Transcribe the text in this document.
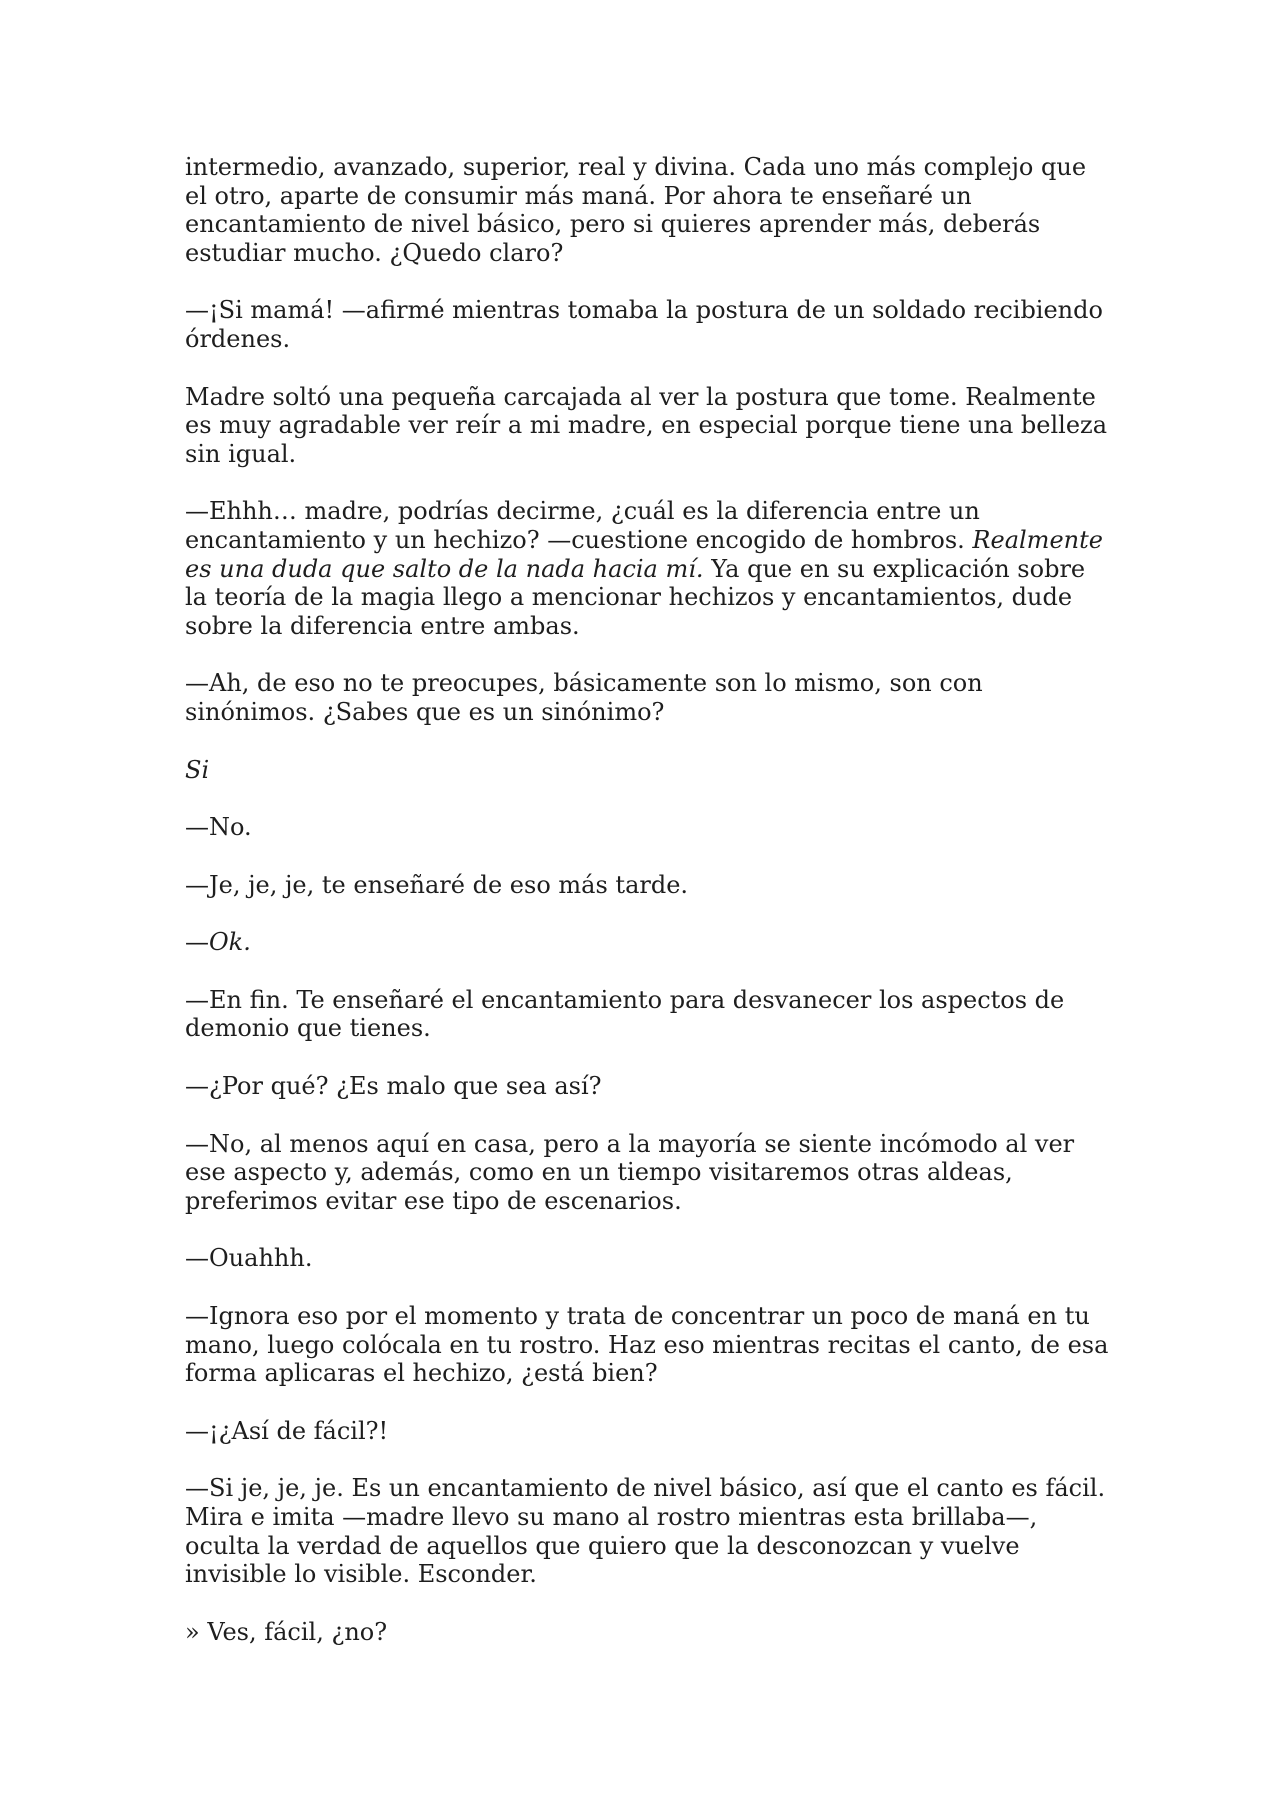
intermedio, avanzado, superior, real y divina. Cada uno más complejo que el otro, aparte de consumir más maná. Por ahora te enseñaré un encantamiento de nivel básico, pero si quieres aprender más, deberás estudiar mucho. ¿Quedo claro?

—¡Si mamá! —afirmé mientras tomaba la postura de un soldado recibiendo órdenes.

Madre soltó una pequeña carcajada al ver la postura que tome. Realmente es muy agradable ver reír a mi madre, en especial porque tiene una belleza sin igual.

—Ehhh… madre, podrías decirme, ¿cuál es la diferencia entre un encantamiento y un hechizo? —cuestione encogido de hombros. Realmente es una duda que salto de la nada hacia mí. Ya que en su explicación sobre la teoría de la magia llego a mencionar hechizos y encantamientos, dude sobre la diferencia entre ambas.

—Ah, de eso no te preocupes, básicamente son lo mismo, son con sinónimos. ¿Sabes que es un sinónimo?

Si

—No.

—Je, je, je, te enseñaré de eso más tarde.

—Ok.

—En fin. Te enseñaré el encantamiento para desvanecer los aspectos de demonio que tienes.

—¿Por qué? ¿Es malo que sea así?

—No, al menos aquí en casa, pero a la mayoría se siente incómodo al ver ese aspecto y, además, como en un tiempo visitaremos otras aldeas, preferimos evitar ese tipo de escenarios.

—Ouahhh.

—Ignora eso por el momento y trata de concentrar un poco de maná en tu mano, luego colócala en tu rostro. Haz eso mientras recitas el canto, de esa forma aplicaras el hechizo, ¿está bien?

—¡¿Así de fácil?!

—Si je, je, je. Es un encantamiento de nivel básico, así que el canto es fácil. Mira e imita —madre llevo su mano al rostro mientras esta brillaba—, oculta la verdad de aquellos que quiero que la desconozcan y vuelve invisible lo visible. Esconder.

» Ves, fácil, ¿no?
